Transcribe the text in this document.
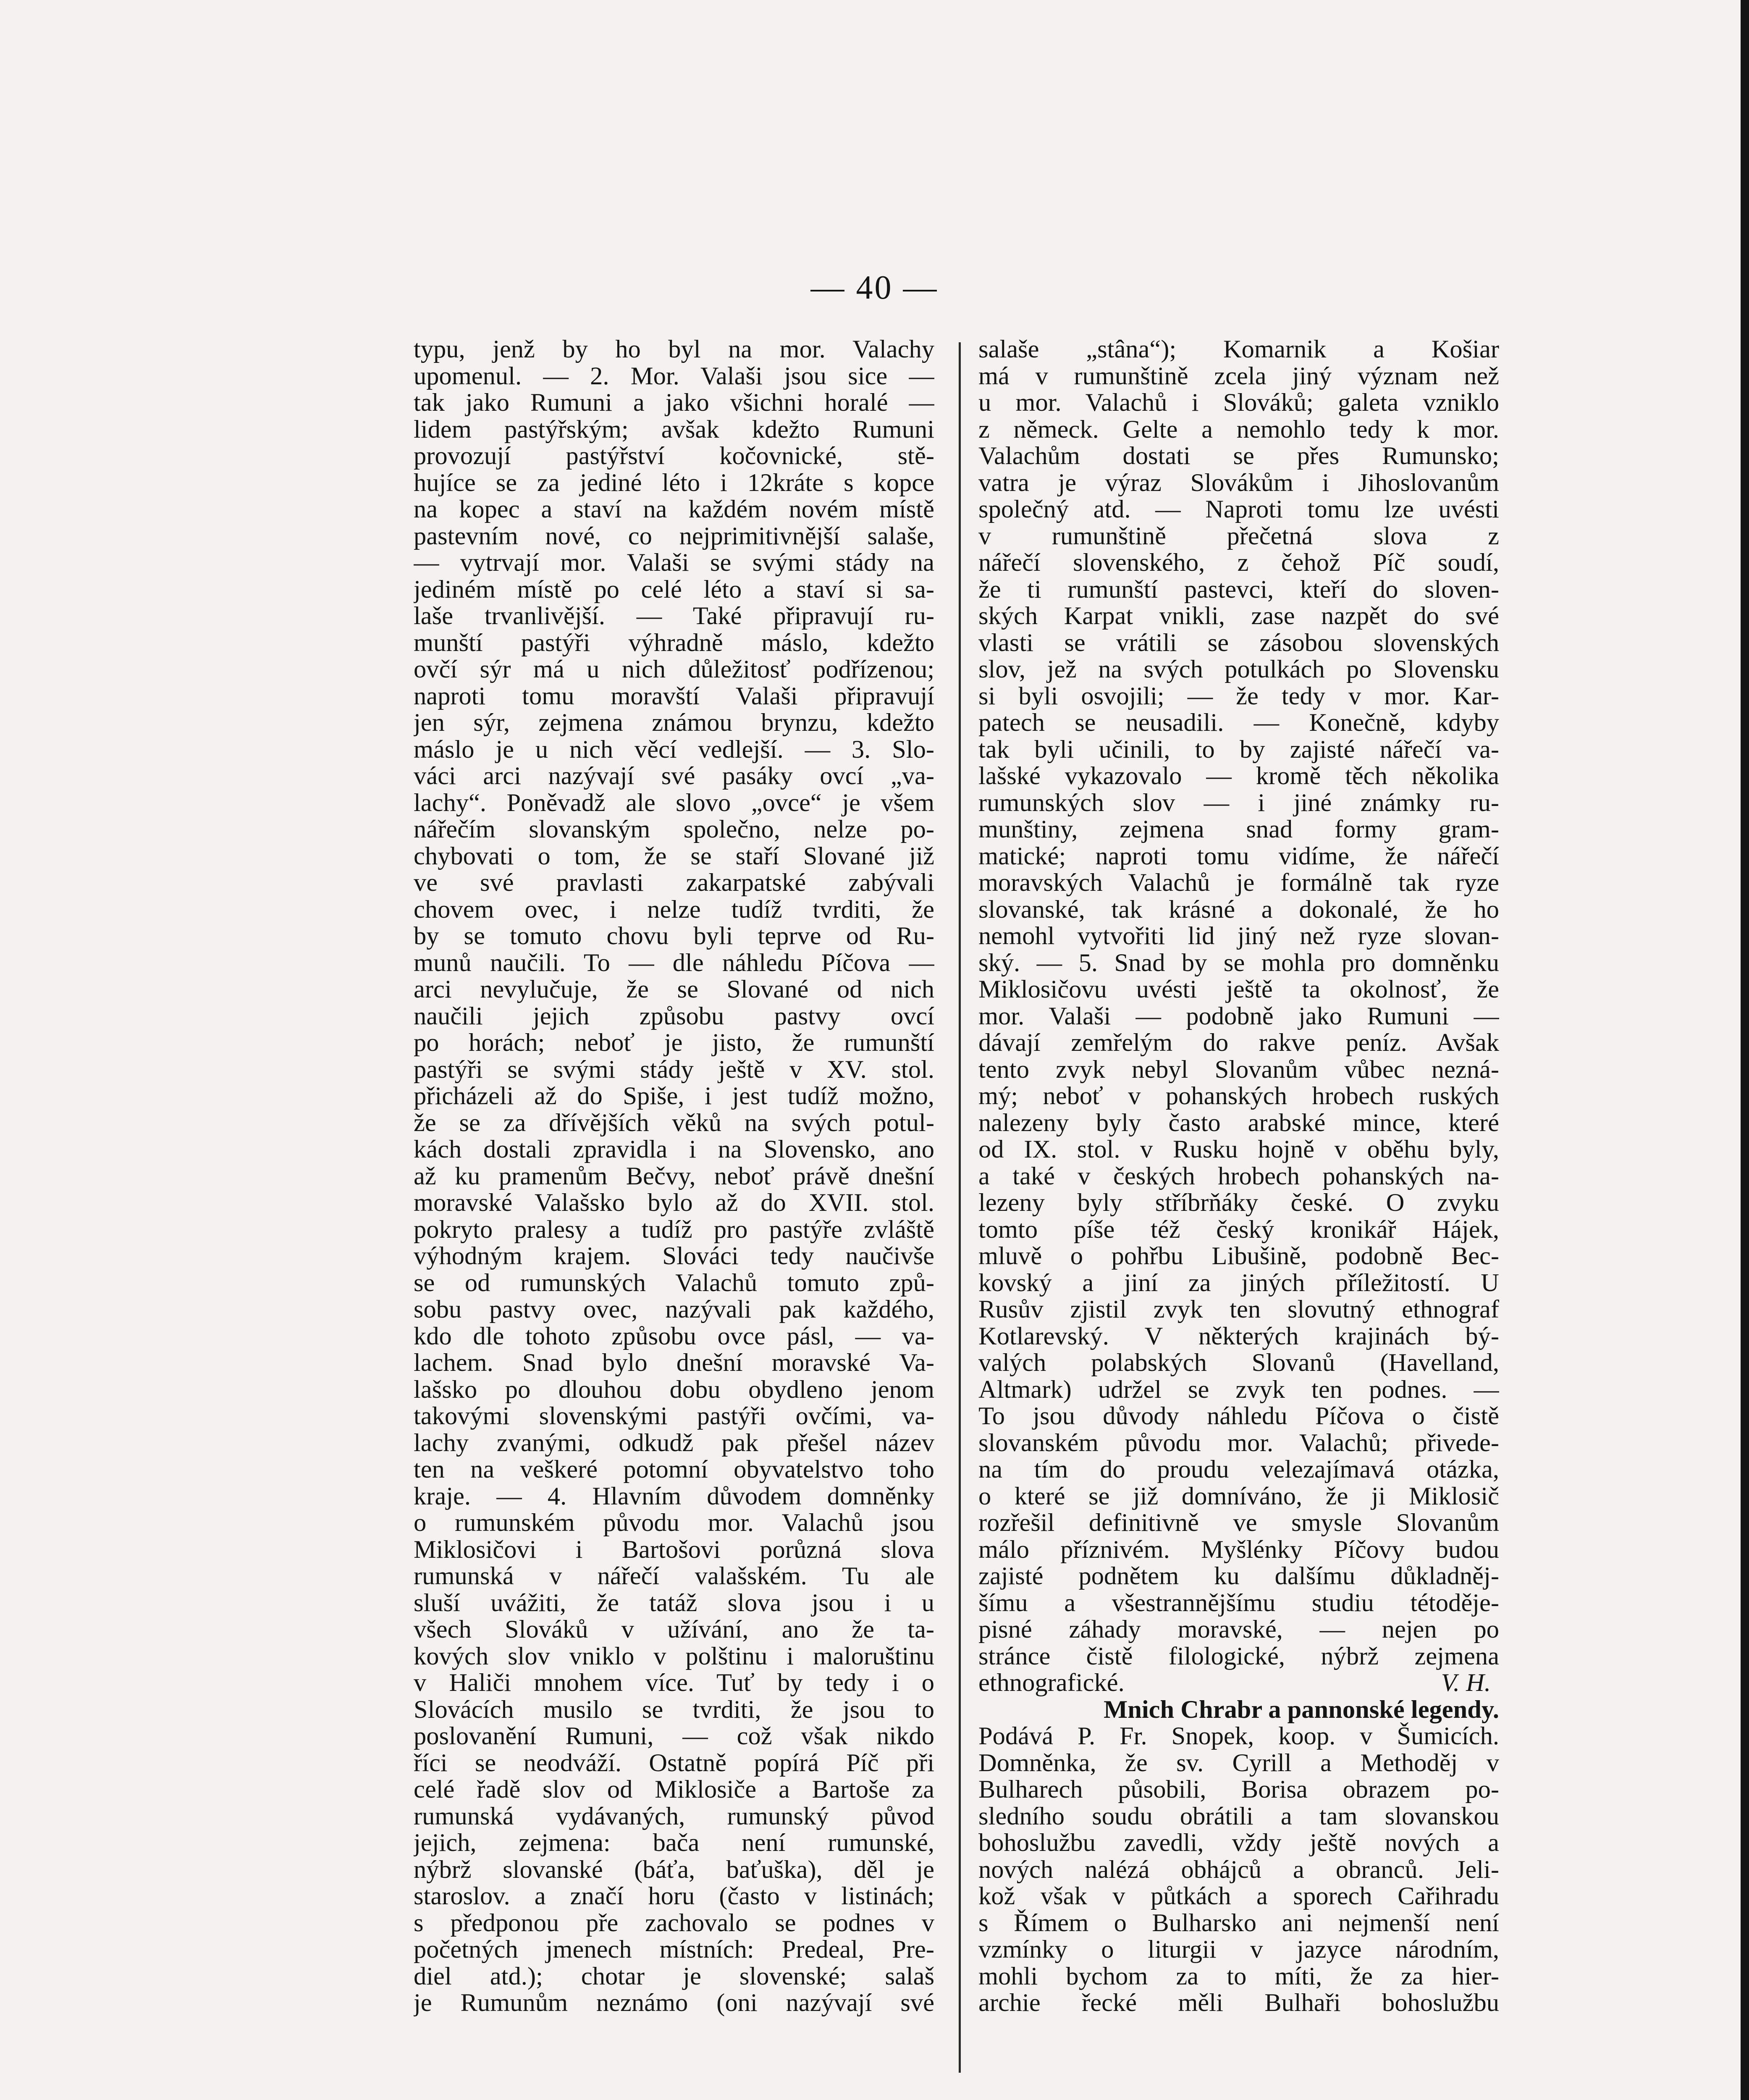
— 40 —

typu, jenž by ho byl na mor. Valachy
upomenul. — 2. Mor. Valaši jsou sice —
tak jako Rumuni a jako všichni horalé —
lidem pastýřským; avšak kdežto Rumuni
provozují pastýřství kočovnické, stě-
hujíce se za jediné léto i 12kráte s kopce
na kopec a staví na každém novém místě
pastevním nové, co nejprimitivnější salaše,
— vytrvají mor. Valaši se svými stády na
jediném místě po celé léto a staví si sa-
laše trvanlivější. — Také připravují ru-
munští pastýři výhradně máslo, kdežto
ovčí sýr má u nich důležitosť podřízenou;
naproti tomu moravští Valaši připravují
jen sýr, zejmena známou brynzu, kdežto
máslo je u nich věcí vedlejší. — 3. Slo-
váci arci nazývají své pasáky ovcí „va-
lachy“. Poněvadž ale slovo „ovce“ je všem
nářečím slovanským společno, nelze po-
chybovati o tom, že se staří Slované již
ve své pravlasti zakarpatské zabývali
chovem ovec, i nelze tudíž tvrditi, že
by se tomuto chovu byli teprve od Ru-
munů naučili. To — dle náhledu Píčova —
arci nevylučuje, že se Slované od nich
naučili jejich způsobu pastvy ovcí
po horách; neboť je jisto, že rumunští
pastýři se svými stády ještě v XV. stol.
přicházeli až do Spiše, i jest tudíž možno,
že se za dřívějších věků na svých potul-
kách dostali zpravidla i na Slovensko, ano
až ku pramenům Bečvy, neboť právě dnešní
moravské Valašsko bylo až do XVII. stol.
pokryto pralesy a tudíž pro pastýře zvláště
výhodným krajem. Slováci tedy naučivše
se od rumunských Valachů tomuto způ-
sobu pastvy ovec, nazývali pak každého,
kdo dle tohoto způsobu ovce pásl, — va-
lachem. Snad bylo dnešní moravské Va-
lašsko po dlouhou dobu obydleno jenom
takovými slovenskými pastýři ovčími, va-
lachy zvanými, odkudž pak přešel název
ten na veškeré potomní obyvatelstvo toho
kraje. — 4. Hlavním důvodem domněnky
o rumunském původu mor. Valachů jsou
Miklosičovi i Bartošovi porůzná slova
rumunská v nářečí valašském. Tu ale
sluší uvážiti, že tatáž slova jsou i u
všech Slováků v užívání, ano že ta-
kových slov vniklo v polštinu i maloruštinu
v Haliči mnohem více. Tuť by tedy i o
Slovácích musilo se tvrditi, že jsou to
poslovanění Rumuni, — což však nikdo
říci se neodváží. Ostatně popírá Píč při
celé řadě slov od Miklosiče a Bartoše za
rumunská vydávaných, rumunský původ
jejich, zejmena: bača není rumunské,
nýbrž slovanské (báťa, baťuška), děl je
staroslov. a značí horu (často v listinách;
s předponou pře zachovalo se podnes v
početných jmenech místních: Predeal, Pre-
diel atd.); chotar je slovenské; salaš
je Rumunům neznámo (oni nazývají své

salaše „stâna“); Komarnik a Košiar
má v rumunštině zcela jiný význam než
u mor. Valachů i Slováků; galeta vzniklo
z německ. Gelte a nemohlo tedy k mor.
Valachům dostati se přes Rumunsko;
vatra je výraz Slovákům i Jihoslovanům
společný atd. — Naproti tomu lze uvésti
v rumunštině přečetná slova z
nářečí slovenského, z čehož Píč soudí,
že ti rumunští pastevci, kteří do sloven-
ských Karpat vnikli, zase nazpět do své
vlasti se vrátili se zásobou slovenských
slov, jež na svých potulkách po Slovensku
si byli osvojili; — že tedy v mor. Kar-
patech se neusadili. — Konečně, kdyby
tak byli učinili, to by zajisté nářečí va-
lašské vykazovalo — kromě těch několika
rumunských slov — i jiné známky ru-
munštiny, zejmena snad formy gram-
matické; naproti tomu vidíme, že nářečí
moravských Valachů je formálně tak ryze
slovanské, tak krásné a dokonalé, že ho
nemohl vytvořiti lid jiný než ryze slovan-
ský. — 5. Snad by se mohla pro domněnku
Miklosičovu uvésti ještě ta okolnosť, že
mor. Valaši — podobně jako Rumuni —
dávají zemřelým do rakve peníz. Avšak
tento zvyk nebyl Slovanům vůbec nezná-
mý; neboť v pohanských hrobech ruských
nalezeny byly často arabské mince, které
od IX. stol. v Rusku hojně v oběhu byly,
a také v českých hrobech pohanských na-
lezeny byly stříbrňáky české. O zvyku
tomto píše též český kronikář Hájek,
mluvě o pohřbu Libušině, podobně Bec-
kovský a jiní za jiných příležitostí. U
Rusův zjistil zvyk ten slovutný ethnograf
Kotlarevský. V některých krajinách bý-
valých polabských Slovanů (Havelland,
Altmark) udržel se zvyk ten podnes. —
To jsou důvody náhledu Píčova o čistě
slovanském původu mor. Valachů; přivede-
na tím do proudu velezajímavá otázka,
o které se již domníváno, že ji Miklosič
rozřešil definitivně ve smysle Slovanům
málo příznivém. Myšlénky Píčovy budou
zajisté podnětem ku dalšímu důkladněj-
šímu a všestrannějšímu studiu tétoděje-
pisné záhady moravské, — nejen po
stránce čistě filologické, nýbrž zejmena
ethnografické.	V. H.
Mnich Chrabr a pannonské legendy.
Podává P. Fr. Snopek, koop. v Šumicích.
Domněnka, že sv. Cyrill a Methoděj v
Bulharech působili, Borisa obrazem po-
sledního soudu obrátili a tam slovanskou
bohoslužbu zavedli, vždy ještě nových a
nových nalézá obhájců a obranců. Jeli-
kož však v půtkách a sporech Cařihradu
s Římem o Bulharsko ani nejmenší není
vzmínky o liturgii v jazyce národním,
mohli bychom za to míti, že za hier-
archie řecké měli Bulhaři bohoslužbu
